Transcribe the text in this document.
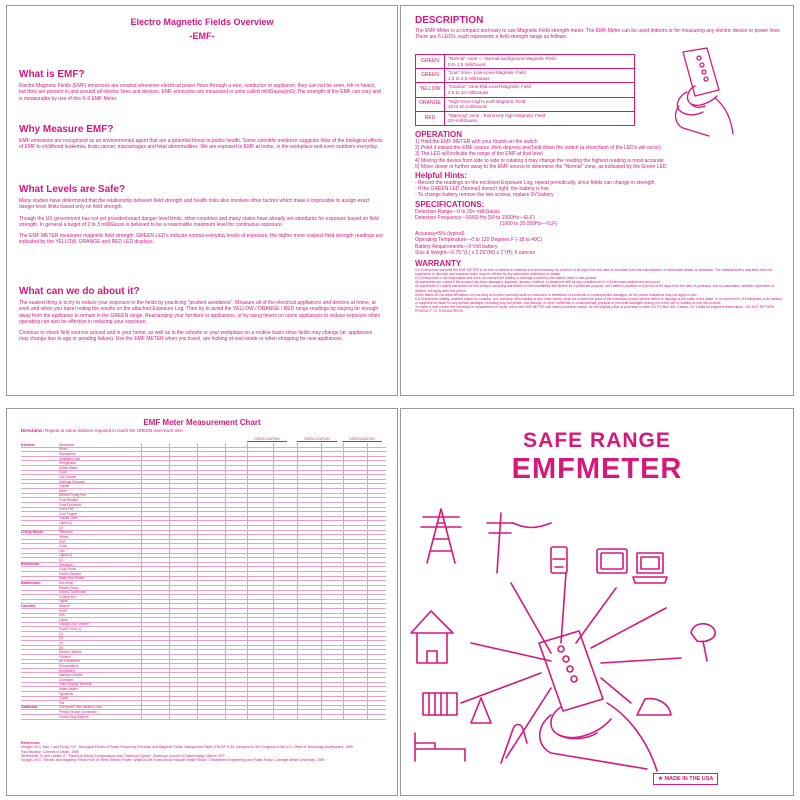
Electro Magnetic Fields Overview
-EMF-

What is EMF?

Electro Magnetic Fields (EMF) emissions are created whenever electrical power flows through a wire, conductor or appliance; they can not be seen, felt or heard, but they are present in and around all electric lines and devices. EMF emissions are measured in units called milliGauss(mG).The strength of the EMF can vary and is measurable by use of this K-II EMF Meter.

Why Measure EMF?

EMF emissions are recognized as an environmental agent that are a potential threat to public health. Some scientific evidence suggests links of the biological effects of EMF to childhood leukemia, brain cancer, miscarriages and fetal abnormalities. We are exposed to EMF at home, in the workplace and even outdoors everyday.

What Levels are Safe?

Many studies have determined that the relationship between field strength and health risks also involves other factors which make it impossible to assign exact danger level limits based only on field strength.

Though the US government has not yet provided exact danger level limits, other countries and many states have already set standards for exposure based on field strength. In general a target of 2 to 3 milliGauss is believed to be a reasonable maximum level for continuous exposure.

The EMF METER measures magnetic field strength. GREEN LED's indicate normal everyday levels of exposure, the higher more suspect field strength readings are indicated by the YELLOW, ORANGE and RED LED displays.

What can we do about it?

The easiest thing is to try to reduce your exposure to the fields by practicing "prudent avoidance". Measure all of the electrical appliances and devices at home, at work and when you travel noting the results on the attached Exposure Log. Then try to avoid the YELLOW / ORANGE / RED range readings by staying far enough away from the appliance to remain in the GREEN range. Rearranging your furniture or appliances, or by using timers on some appliances to reduce exposure when operating can also be effective in reducing your exposure.

Continue to check field sources around and in your home, as well as in the schools or your workplace on a routine basis since fields may change (ie: appliances may change due to age or pending failure). Use the EMF METER when you travel, are looking at real estate or when shopping for new appliances.

DESCRIPTION

The EMF Meter is a compact and easy to use Magnetic Field strength meter. The EMF Meter can be used indoors or for measuring any electric device or power lines There are 5 LED's, each represents a field strength range as follows:

GREEN	"Normal" zone — Normal background Magnetic Field
0 to 1.5 milliGauss

GREEN	"Low" zone- Low-Level Magnetic Field
1.5 to 2.5 milliGauss

YELLOW	"Caution" zone-Mid-Level Magnetic Field
2.5 to 10 milliGauss

ORANGE	"High"zone-High-Level Magnetic Field
10 to 20 milliGauss

RED	"Warning" zone - Extremely high Magnetic Field
20+milliGauss

OPERATION

1) Hold the EMF METER with your thumb on the switch

2) Point it toward the EMF source, then depress and hold down the switch (a short flash of the LED's will occur)

3) The LED will indicate the range of the EMF at that level

4) Moving the device from side to side or rotating it may change the reading the highest reading is most accurate

5) Move closer or further away to the EMF source to determine the "Normal" zone, as indicated by the Green LED

Helpful Hints:

- Record the readings on the enclosed Exposure Log, repeat periodically, since fields can change in strength

- If the GREEN LED (Normal) doesn't light, the battery is low

- To change battery remove the two screws, replace 9V battery

SPECIFICATIONS:

Detection Range—0 to 20+ milliGauss

Detection Frequency—50/60 Hz (50 to 1000Hz—ELF)

(1000 to 20,000Hz—VLF)

Accuracy=5% (typical)

Operating Temperature—0 to 120 Degrees F (-18 to 49C)

Battery Requirements—9 Volt battery

Size & Weight—5.75 "(L) x 2.25"(W) x 1"(H); 6 ounces

WARRANTY

K-II Enterprises warrants the EMF METER to be free of defects in material and workmanship for a period of 60 days from the date of purchase from the manufacturer or authorized dealer or distributor. The manufacturer's warranty does not supersede or diminish any warranty which may be offered by any authorized distributor or retailer.

K-II Enterprises is not responsible and does not warrant the battery or damage caused by the battery used in this product.

All warranties are voided if the product has been damaged, adjusted, abused, finished, or tampered with by any unauthorized K-II Enterprises authorized personnel.

All expressed or implied warranties for this product, including warranties of merchantability and fitness for a particular purpose, are limited in duration to a period of 60 days from the date of purchase, and no warranties, whether expressed or implied, will apply after this period.

Some states do not allow limitations on how long an implied warranty lasts or exclusions or limitations of incidental or consequential damages, so the above limitations may not apply to you.

K-II Enterprises liability, whether based on contract, tort, warranty, strict liability or any other theory, shall not exceed the price of the individual product whose defect or damage is the basis of the claim. In no event will K-II Enterprises or its dealers or suppliers be liable for any special damages, including any lost profits, lost savings, or other incidental or consequential, physical or personal damages arising out of the use or inability to use this product.

To make a claim under this warranty for replacement or repair, return the EMF METER with dated purchase receipt, for the original place of purchase or write K-II PO Box 306, Canton, NY 13668 for shipment instructions - DO NOT RETURN PRODUCT TO THIS ADDRESS.

EMF Meter Measurement Chart
Directions: Repeat at same distance required to reach the GREEN level each time
DATE/LOCATION	DATE/LOCATION	DATE/LOCATION
Kitchen:	Microwave
Stove
Dishwasher
Ventilation Fan
Refrigerator
Coffee Maker
Clock
Can Opener
Garbage Disposal
Toaster
Mixer
Electric Frying Pan
Food Blender
Food Processor
Crock Pot
Corn Popper
Toaster Oven
Lights (1)
(2)
Living Room:	Television
Stereo
VCR
Clock
Fan
Lights (1)
(2)
Bedrooms:	Television
Clock Radio
Electric Blanket
Water Bed Heater
Bathrooms:	Hair Dryer
Electric Razor
Electric Toothbrush
Curling Iron
Lights
Laundry:	Washer
Dryer
Iron
Lights
Garage Door Opener
Power Tools (1)
(2)
(3)
(4)
(5)
Electric Heaters
Furnace
Air Conditioner
Dehumidifiers
Humidifiers
Vacuum Cleaner
Computer
Video Display Terminal
Water Heater
Typewriter
Copier
Fax
Outdoors:	Overhead Trans mission Lines
Primary House Connection
Electric Bug Zappers

References:

Morgan, M.G, Nair, I. and Florig, H.C. "Biological Effects of Power Frequency Electrical and Magnetic Fields" Background Paper OTA-BP-E-53, prepared for the Congress of the U.S. Office of Technology Assessment, 1989

Paul Brodeur, Currents of Death, 1989

Wertheimer, N. and Leeper, E. "Electrical Wiring Configurations and Childhood Cancer", American Journal of Epidemiology, March 1979

Morgan, M.G. "Electric and Magnetic Fields From 60 Hertz Electric Power: What Do We Know About Possible Health Risks?" Department Engineering and Public Policy, Carnegie Mellon University, 1989

SAFE RANGE
EMFMETER
★ MADE IN THE USA
